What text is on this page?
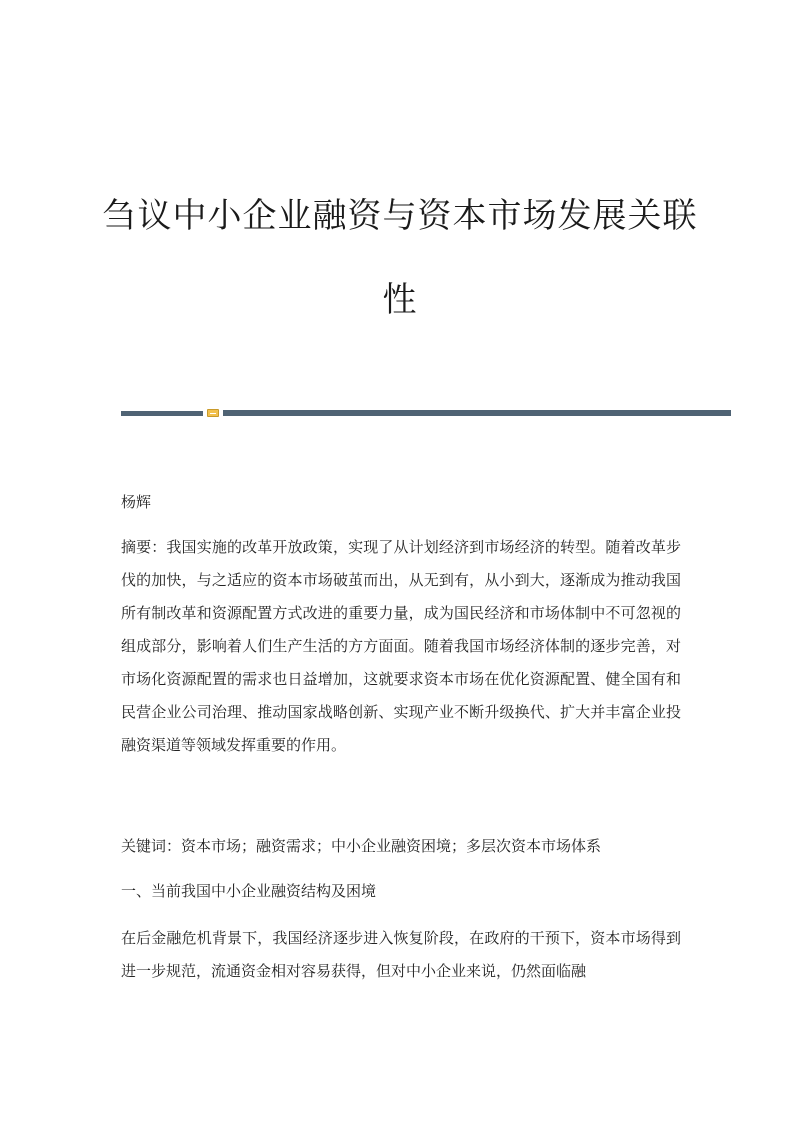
刍议中小企业融资与资本市场发展关联
性

杨辉

摘要：我国实施的改革开放政策，实现了从计划经济到市场经济的转型。随着改革步伐的加快，与之适应的资本市场破茧而出，从无到有，从小到大，逐渐成为推动我国所有制改革和资源配置方式改进的重要力量，成为国民经济和市场体制中不可忽视的组成部分，影响着人们生产生活的方方面面。随着我国市场经济体制的逐步完善，对市场化资源配置的需求也日益增加，这就要求资本市场在优化资源配置、健全国有和民营企业公司治理、推动国家战略创新、实现产业不断升级换代、扩大并丰富企业投融资渠道等领域发挥重要的作用。

关键词：资本市场；融资需求；中小企业融资困境；多层次资本市场体系

一、当前我国中小企业融资结构及困境

在后金融危机背景下，我国经济逐步进入恢复阶段，在政府的干预下，资本市场得到进一步规范，流通资金相对容易获得，但对中小企业来说，仍然面临融
